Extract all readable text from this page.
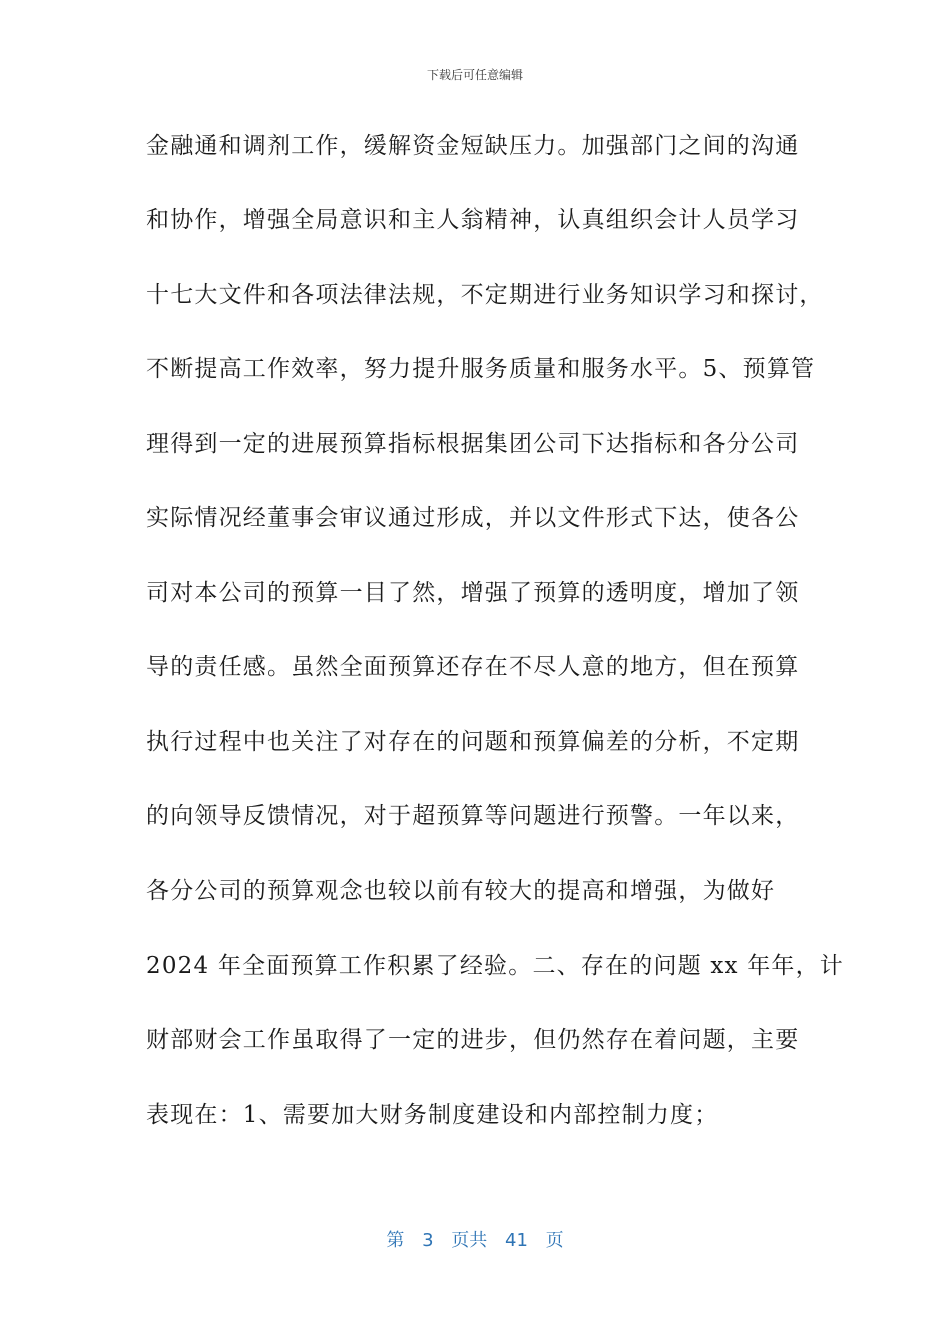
下载后可任意编辑
金融通和调剂工作，缓解资金短缺压力。加强部门之间的沟通
和协作，增强全局意识和主人翁精神，认真组织会计人员学习
十七大文件和各项法律法规，不定期进行业务知识学习和探讨，
不断提高工作效率，努力提升服务质量和服务水平。5、预算管
理得到一定的进展预算指标根据集团公司下达指标和各分公司
实际情况经董事会审议通过形成，并以文件形式下达，使各公
司对本公司的预算一目了然，增强了预算的透明度，增加了领
导的责任感。虽然全面预算还存在不尽人意的地方，但在预算
执行过程中也关注了对存在的问题和预算偏差的分析，不定期
的向领导反馈情况，对于超预算等问题进行预警。一年以来，
各分公司的预算观念也较以前有较大的提高和增强，为做好
2024 年全面预算工作积累了经验。二、存在的问题 xx 年年，计
财部财会工作虽取得了一定的进步，但仍然存在着问题，主要
表现在：1、需要加大财务制度建设和内部控制力度；
第 3 页共 41 页
